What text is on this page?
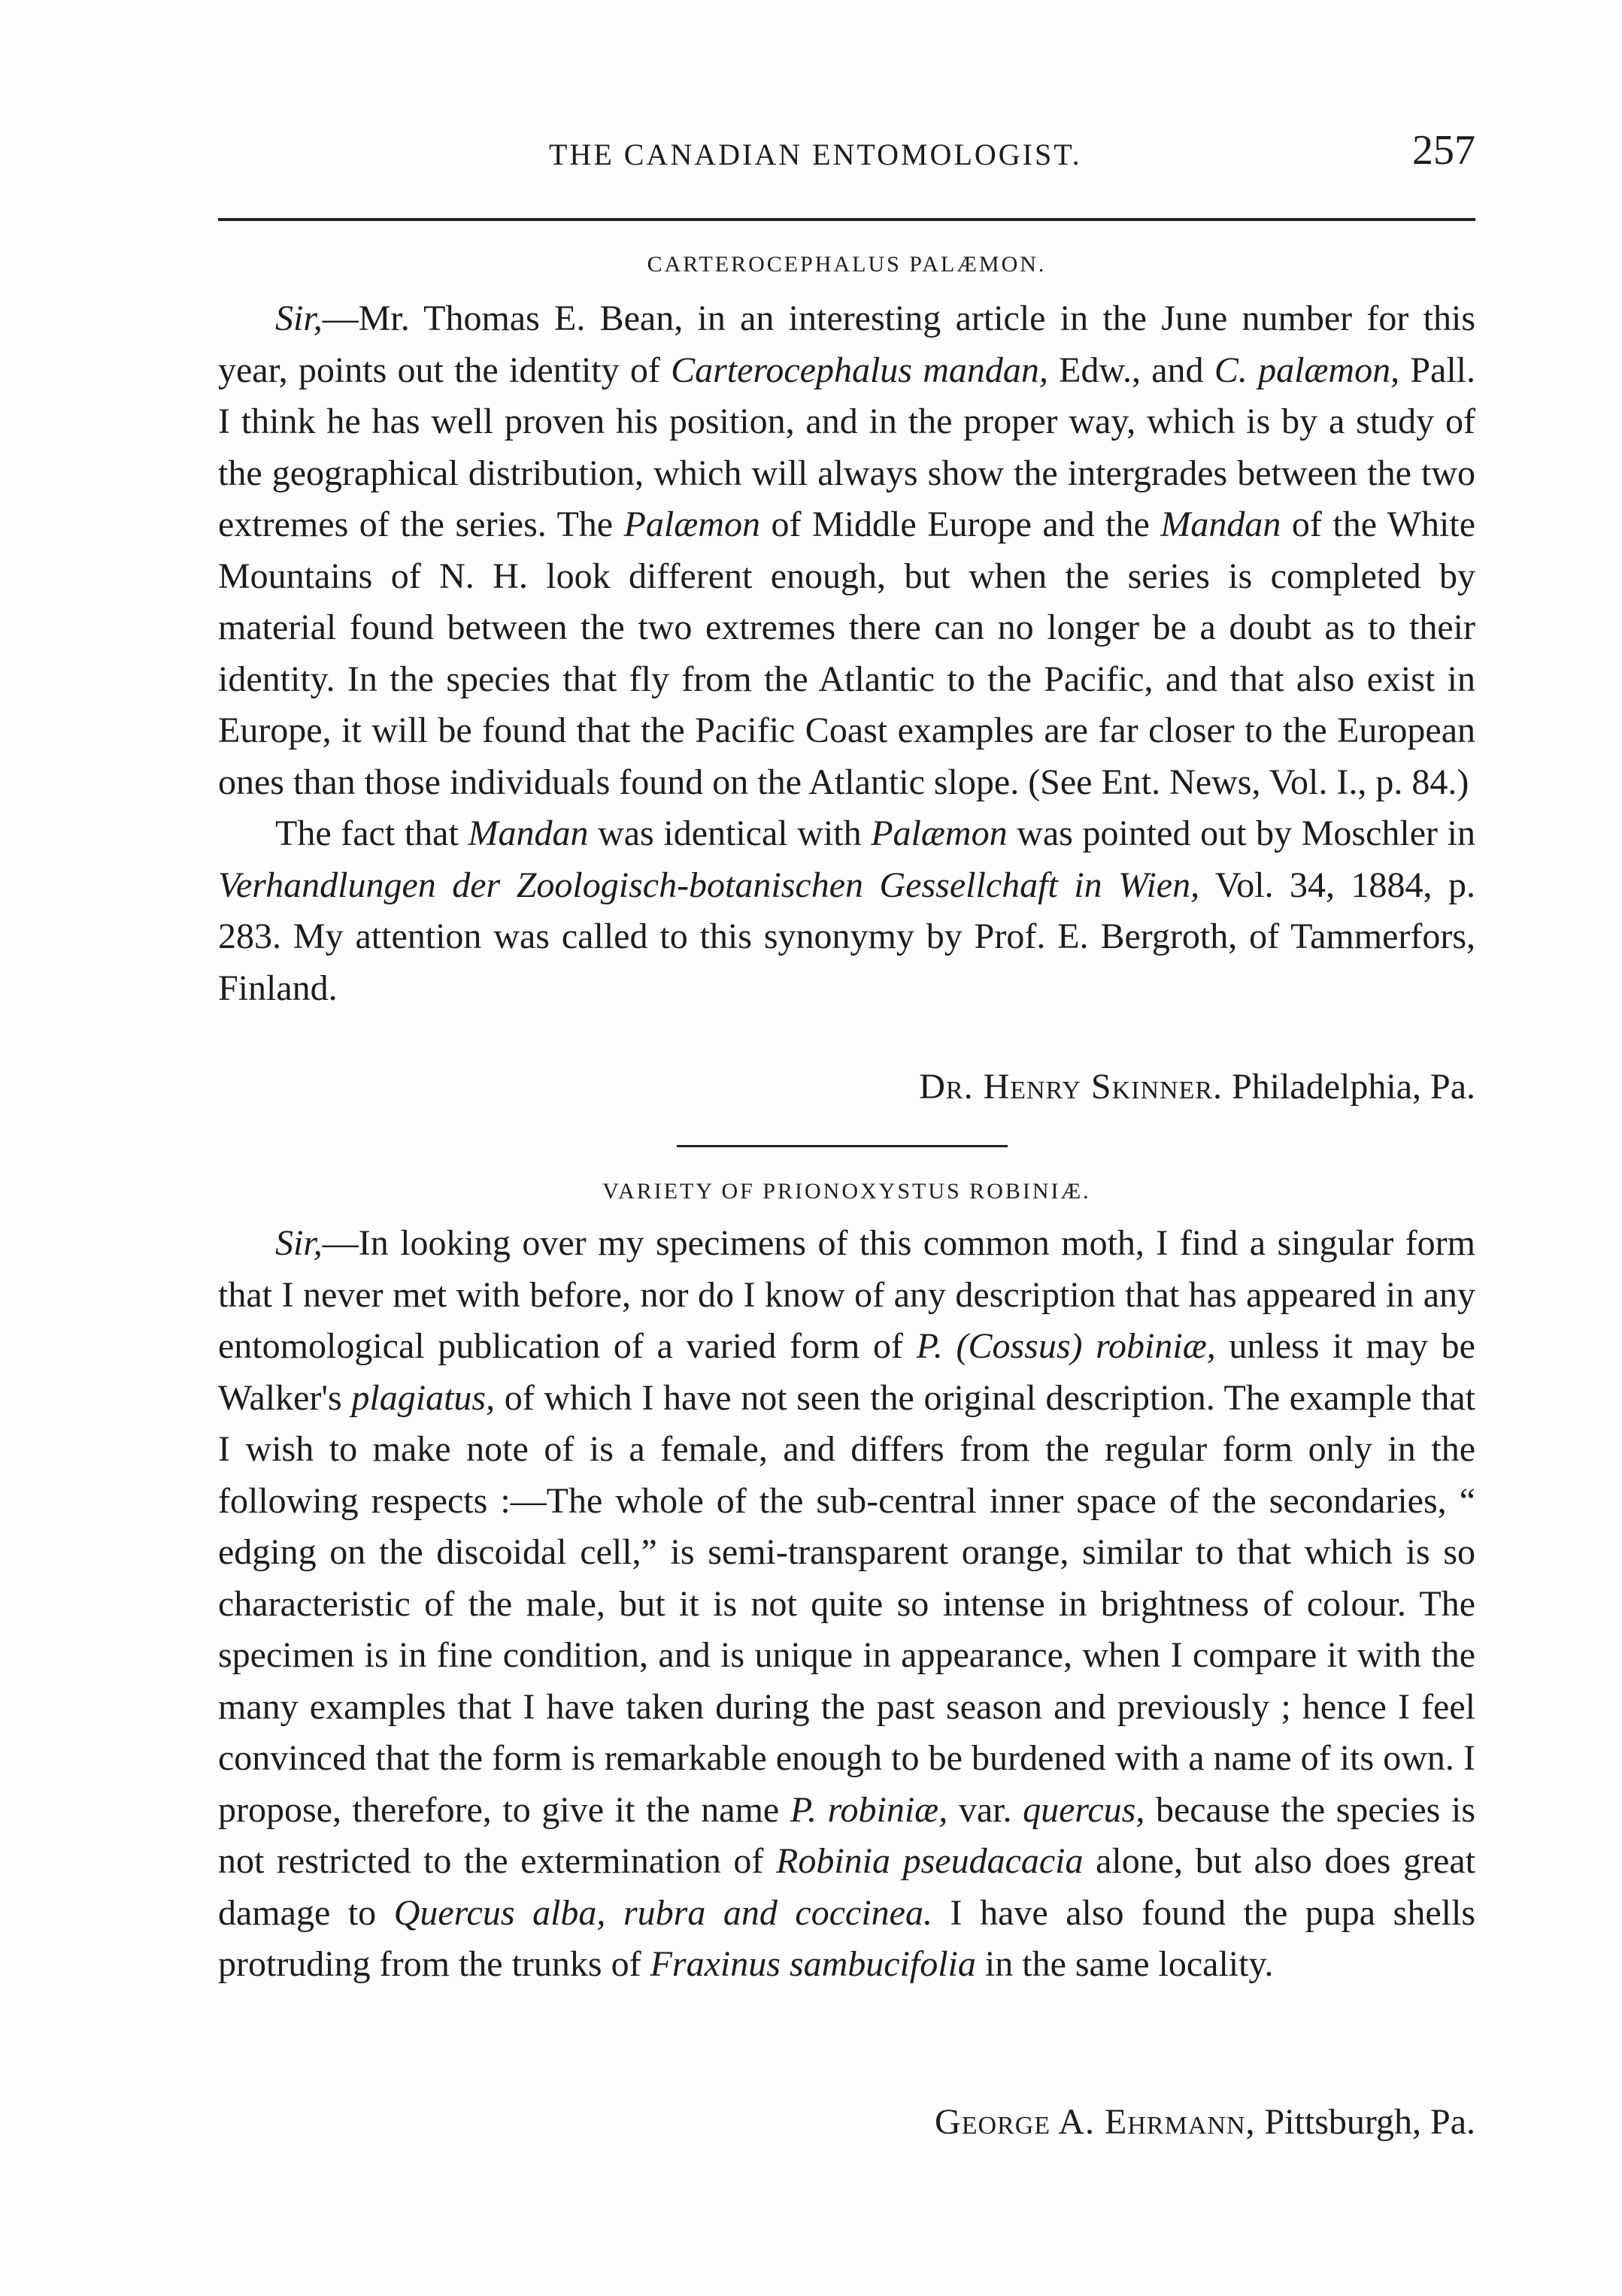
THE CANADIAN ENTOMOLOGIST.	257
CARTEROCEPHALUS PALÆMON.

Sir,—Mr. Thomas E. Bean, in an interesting article in the June number for this year, points out the identity of Carterocephalus mandan, Edw., and C. palæmon, Pall. I think he has well proven his position, and in the proper way, which is by a study of the geographical distribution, which will always show the intergrades between the two extremes of the series. The Palæmon of Middle Europe and the Mandan of the White Mountains of N. H. look different enough, but when the series is completed by material found between the two extremes there can no longer be a doubt as to their identity. In the species that fly from the Atlantic to the Pacific, and that also exist in Europe, it will be found that the Pacific Coast examples are far closer to the European ones than those individuals found on the Atlantic slope. (See Ent. News, Vol. I., p. 84.)

The fact that Mandan was identical with Palæmon was pointed out by Moschler in Verhandlungen der Zoologisch-botanischen Gessellchaft in Wien, Vol. 34, 1884, p. 283. My attention was called to this synonymy by Prof. E. Bergroth, of Tammerfors, Finland.

Dr. Henry Skinner. Philadelphia, Pa.
VARIETY OF PRIONOXYSTUS ROBINIÆ.

Sir,—In looking over my specimens of this common moth, I find a singular form that I never met with before, nor do I know of any description that has appeared in any entomological publication of a varied form of P. (Cossus) robiniæ, unless it may be Walker's plagiatus, of which I have not seen the original description. The example that I wish to make note of is a female, and differs from the regular form only in the following respects :—The whole of the sub-central inner space of the secondaries, “ edging on the discoidal cell,” is semi-transparent orange, similar to that which is so characteristic of the male, but it is not quite so intense in brightness of colour. The specimen is in fine condition, and is unique in appearance, when I compare it with the many examples that I have taken during the past season and previously ; hence I feel convinced that the form is remarkable enough to be burdened with a name of its own. I propose, therefore, to give it the name P. robiniæ, var. quercus, because the species is not restricted to the extermination of Robinia pseudacacia alone, but also does great damage to Quercus alba, rubra and coccinea. I have also found the pupa shells protruding from the trunks of Fraxinus sambucifolia in the same locality.

George A. Ehrmann, Pittsburgh, Pa.
